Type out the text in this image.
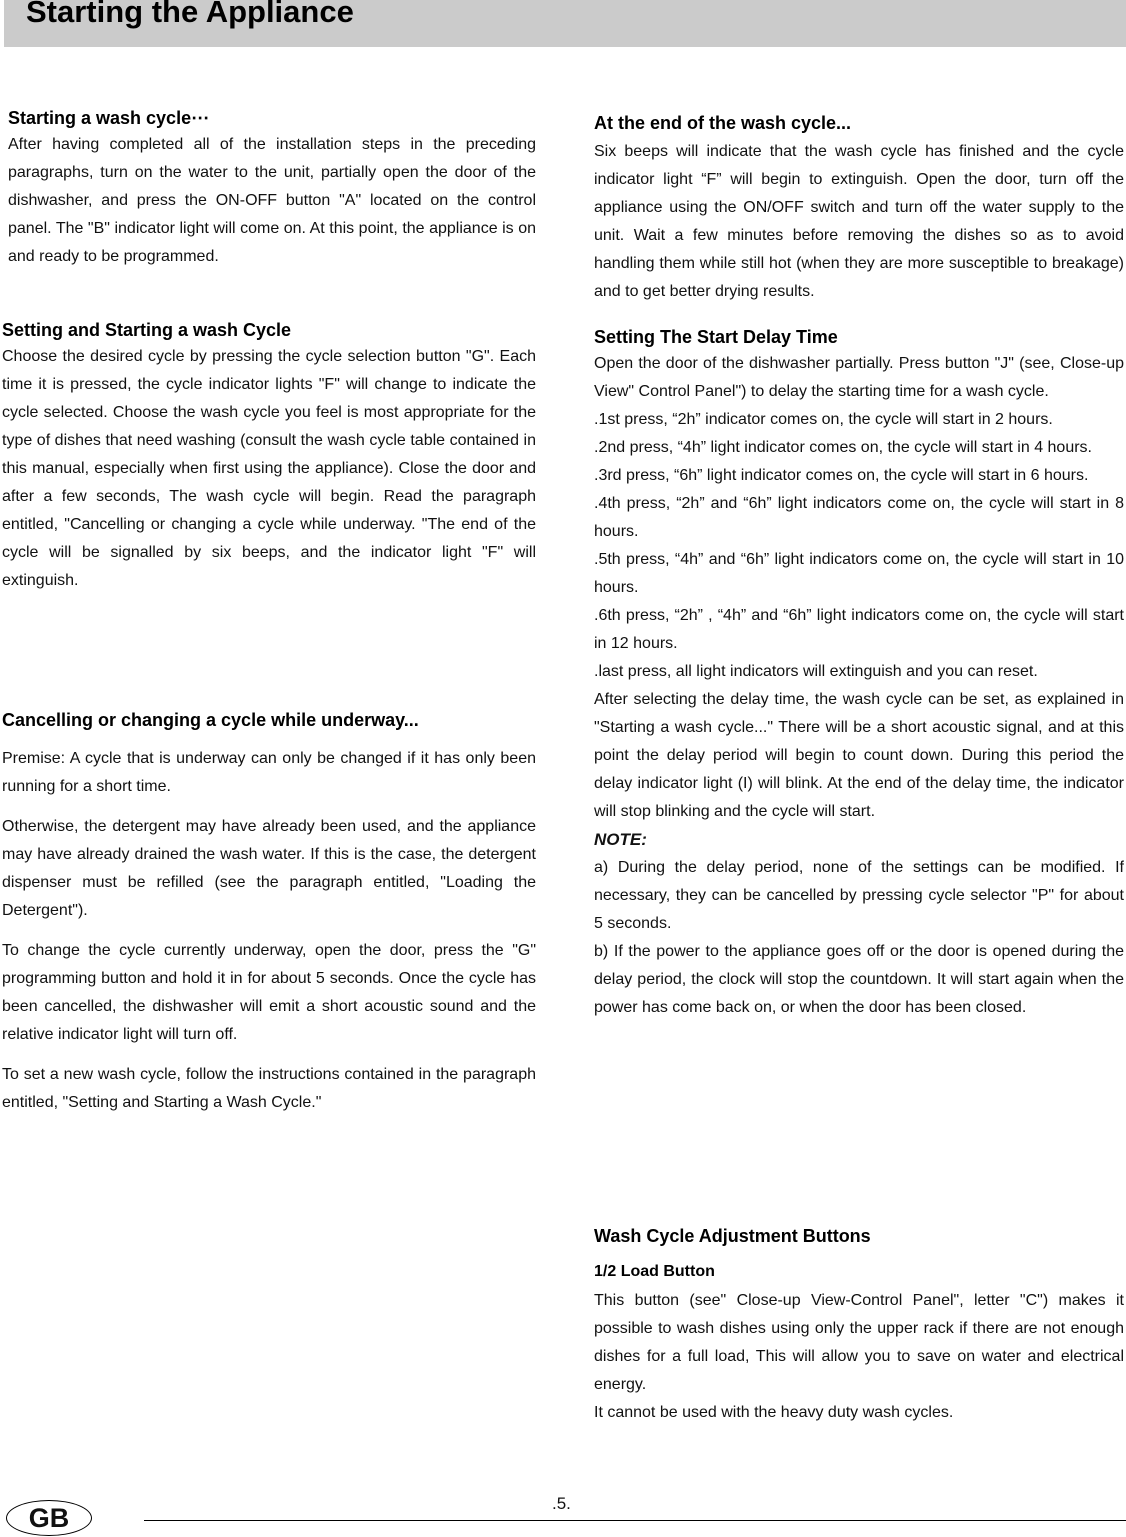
Starting the Appliance
Starting a wash cycle⋯

After having completed all of the installation steps in the preceding paragraphs, turn on the water to the unit, partially open the door of the dishwasher, and press the ON-OFF button "A" located on the control panel. The "B" indicator light will come on. At this point, the appliance is on and ready to be programmed.

Setting and Starting a wash Cycle

Choose the desired cycle by pressing the cycle selection button "G". Each time it is pressed, the cycle indicator lights "F" will change to indicate the cycle selected. Choose the wash cycle you feel is most appropriate for the type of dishes that need washing (consult the wash cycle table contained in this manual, especially when first using the appliance). Close the door and after a few seconds, The wash cycle will begin. Read the paragraph entitled, "Cancelling or changing a cycle while underway. "The end of the cycle will be signalled by six beeps, and the indicator light "F" will extinguish.

Cancelling or changing a cycle while underway...

Premise: A cycle that is underway can only be changed if it has only been running for a short time.

Otherwise, the detergent may have already been used, and the appliance may have already drained the wash water. If this is the case, the detergent dispenser must be refilled (see the paragraph entitled, "Loading the Detergent").

To change the cycle currently underway, open the door, press the "G" programming button and hold it in for about 5 seconds. Once the cycle has been cancelled, the dishwasher will emit a short acoustic sound and the relative indicator light will turn off.

To set a new wash cycle, follow the instructions contained in the paragraph entitled, "Setting and Starting a Wash Cycle."

At the end of the wash cycle...

Six beeps will indicate that the wash cycle has finished and the cycle indicator light “F” will begin to extinguish. Open the door, turn off the appliance using the ON/OFF switch and turn off the water supply to the unit. Wait a few minutes before removing the dishes so as to avoid handling them while still hot (when they are more susceptible to breakage) and to get better drying results.

Setting The Start Delay Time

Open the door of the dishwasher partially. Press button "J" (see, Close-up View" Control Panel") to delay the starting time for a wash cycle.

.1st press, “2h” indicator comes on, the cycle will start in 2 hours.

.2nd press, “4h” light indicator comes on, the cycle will start in 4 hours.

.3rd press, “6h” light indicator comes on, the cycle will start in 6 hours.

.4th press, “2h” and “6h” light indicators come on, the cycle will start in 8 hours.

.5th press, “4h” and “6h” light indicators come on, the cycle will start in 10 hours.

.6th press, “2h” , “4h” and “6h” light indicators come on, the cycle will start in 12 hours.

.last press, all light indicators will extinguish and you can reset.

After selecting the delay time, the wash cycle can be set, as explained in "Starting a wash cycle..." There will be a short acoustic signal, and at this point the delay period will begin to count down. During this period the delay indicator light (I) will blink. At the end of the delay time, the indicator will stop blinking and the cycle will start.

NOTE:

a) During the delay period, none of the settings can be modified. If necessary, they can be cancelled by pressing cycle selector "P" for about 5 seconds.

b) If the power to the appliance goes off or the door is opened during the delay period, the clock will stop the countdown. It will start again when the power has come back on, or when the door has been closed.

Wash Cycle Adjustment Buttons
1/2 Load Button

This button (see" Close-up View-Control Panel", letter "C") makes it possible to wash dishes using only the upper rack if there are not enough dishes for a full load, This will allow you to save on water and electrical energy.

It cannot be used with the heavy duty wash cycles.

GB	.5.
